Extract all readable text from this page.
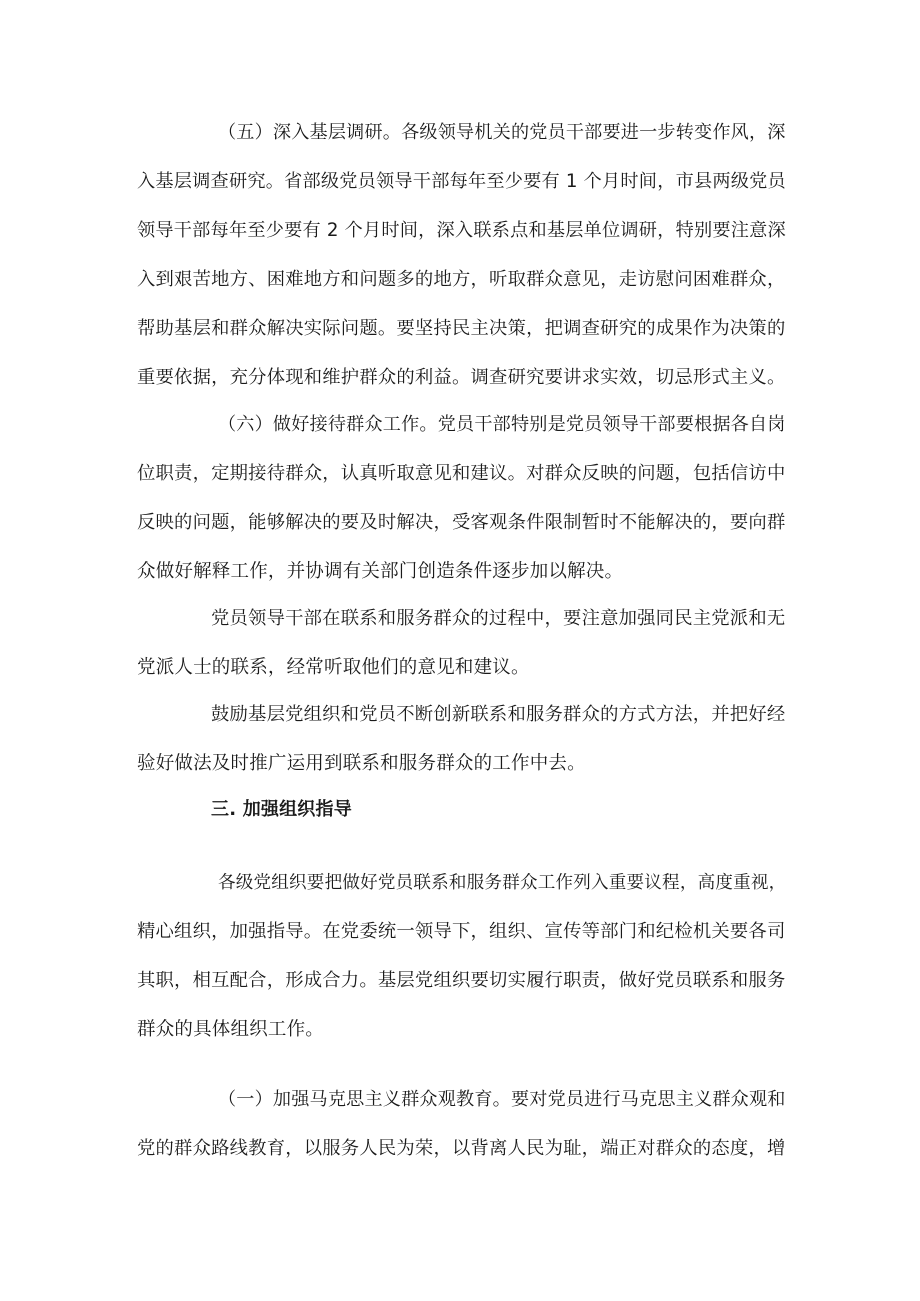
（五）深入基层调研。各级领导机关的党员干部要进一步转变作风，深
入基层调查研究。省部级党员领导干部每年至少要有 1 个月时间，市县两级党员
领导干部每年至少要有 2 个月时间，深入联系点和基层单位调研，特别要注意深
入到艰苦地方、困难地方和问题多的地方，听取群众意见，走访慰问困难群众，
帮助基层和群众解决实际问题。要坚持民主决策，把调查研究的成果作为决策的
重要依据，充分体现和维护群众的利益。调查研究要讲求实效，切忌形式主义。
（六）做好接待群众工作。党员干部特别是党员领导干部要根据各自岗
位职责，定期接待群众，认真听取意见和建议。对群众反映的问题，包括信访中
反映的问题，能够解决的要及时解决，受客观条件限制暂时不能解决的，要向群
众做好解释工作，并协调有关部门创造条件逐步加以解决。
党员领导干部在联系和服务群众的过程中，要注意加强同民主党派和无
党派人士的联系，经常听取他们的意见和建议。
鼓励基层党组织和党员不断创新联系和服务群众的方式方法，并把好经
验好做法及时推广运用到联系和服务群众的工作中去。
三. 加强组织指导
各级党组织要把做好党员联系和服务群众工作列入重要议程，高度重视，
精心组织，加强指导。在党委统一领导下，组织、宣传等部门和纪检机关要各司
其职，相互配合，形成合力。基层党组织要切实履行职责，做好党员联系和服务
群众的具体组织工作。
（一）加强马克思主义群众观教育。要对党员进行马克思主义群众观和
党的群众路线教育，以服务人民为荣，以背离人民为耻，端正对群众的态度，增
